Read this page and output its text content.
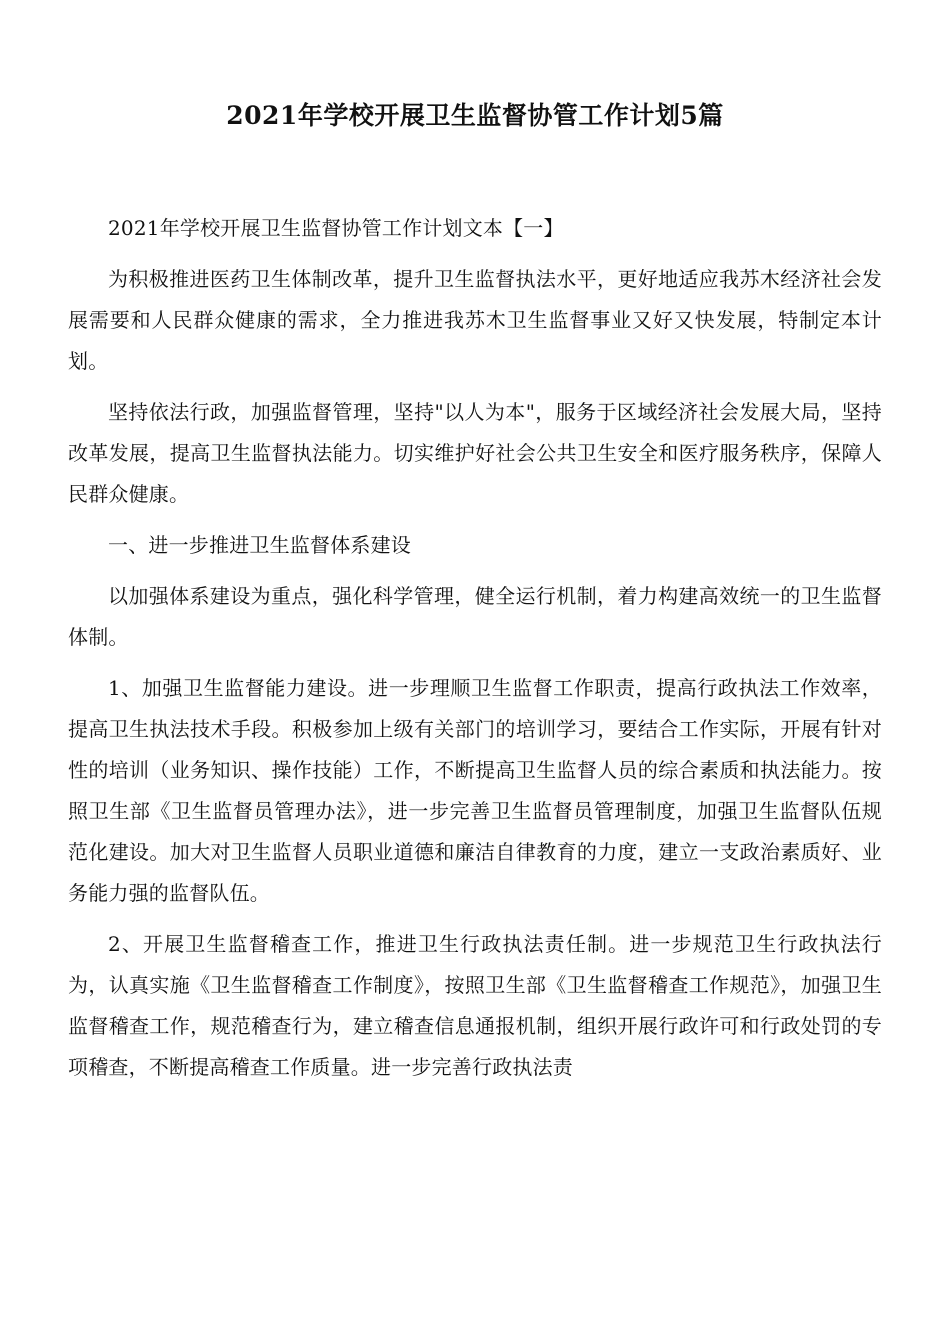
2021年学校开展卫生监督协管工作计划5篇

2021年学校开展卫生监督协管工作计划文本【一】

为积极推进医药卫生体制改革，提升卫生监督执法水平，更好地适应我苏木经济社会发展需要和人民群众健康的需求，全力推进我苏木卫生监督事业又好又快发展，特制定本计划。

坚持依法行政，加强监督管理，坚持"以人为本"，服务于区域经济社会发展大局，坚持改革发展，提高卫生监督执法能力。切实维护好社会公共卫生安全和医疗服务秩序，保障人民群众健康。

一、进一步推进卫生监督体系建设

以加强体系建设为重点，强化科学管理，健全运行机制，着力构建高效统一的卫生监督体制。

1、加强卫生监督能力建设。进一步理顺卫生监督工作职责，提高行政执法工作效率，提高卫生执法技术手段。积极参加上级有关部门的培训学习，要结合工作实际，开展有针对性的培训（业务知识、操作技能）工作，不断提高卫生监督人员的综合素质和执法能力。按照卫生部《卫生监督员管理办法》，进一步完善卫生监督员管理制度，加强卫生监督队伍规范化建设。加大对卫生监督人员职业道德和廉洁自律教育的力度，建立一支政治素质好、业务能力强的监督队伍。

2、开展卫生监督稽查工作，推进卫生行政执法责任制。进一步规范卫生行政执法行为，认真实施《卫生监督稽查工作制度》，按照卫生部《卫生监督稽查工作规范》，加强卫生监督稽查工作，规范稽查行为，建立稽查信息通报机制，组织开展行政许可和行政处罚的专项稽查，不断提高稽查工作质量。进一步完善行政执法责
